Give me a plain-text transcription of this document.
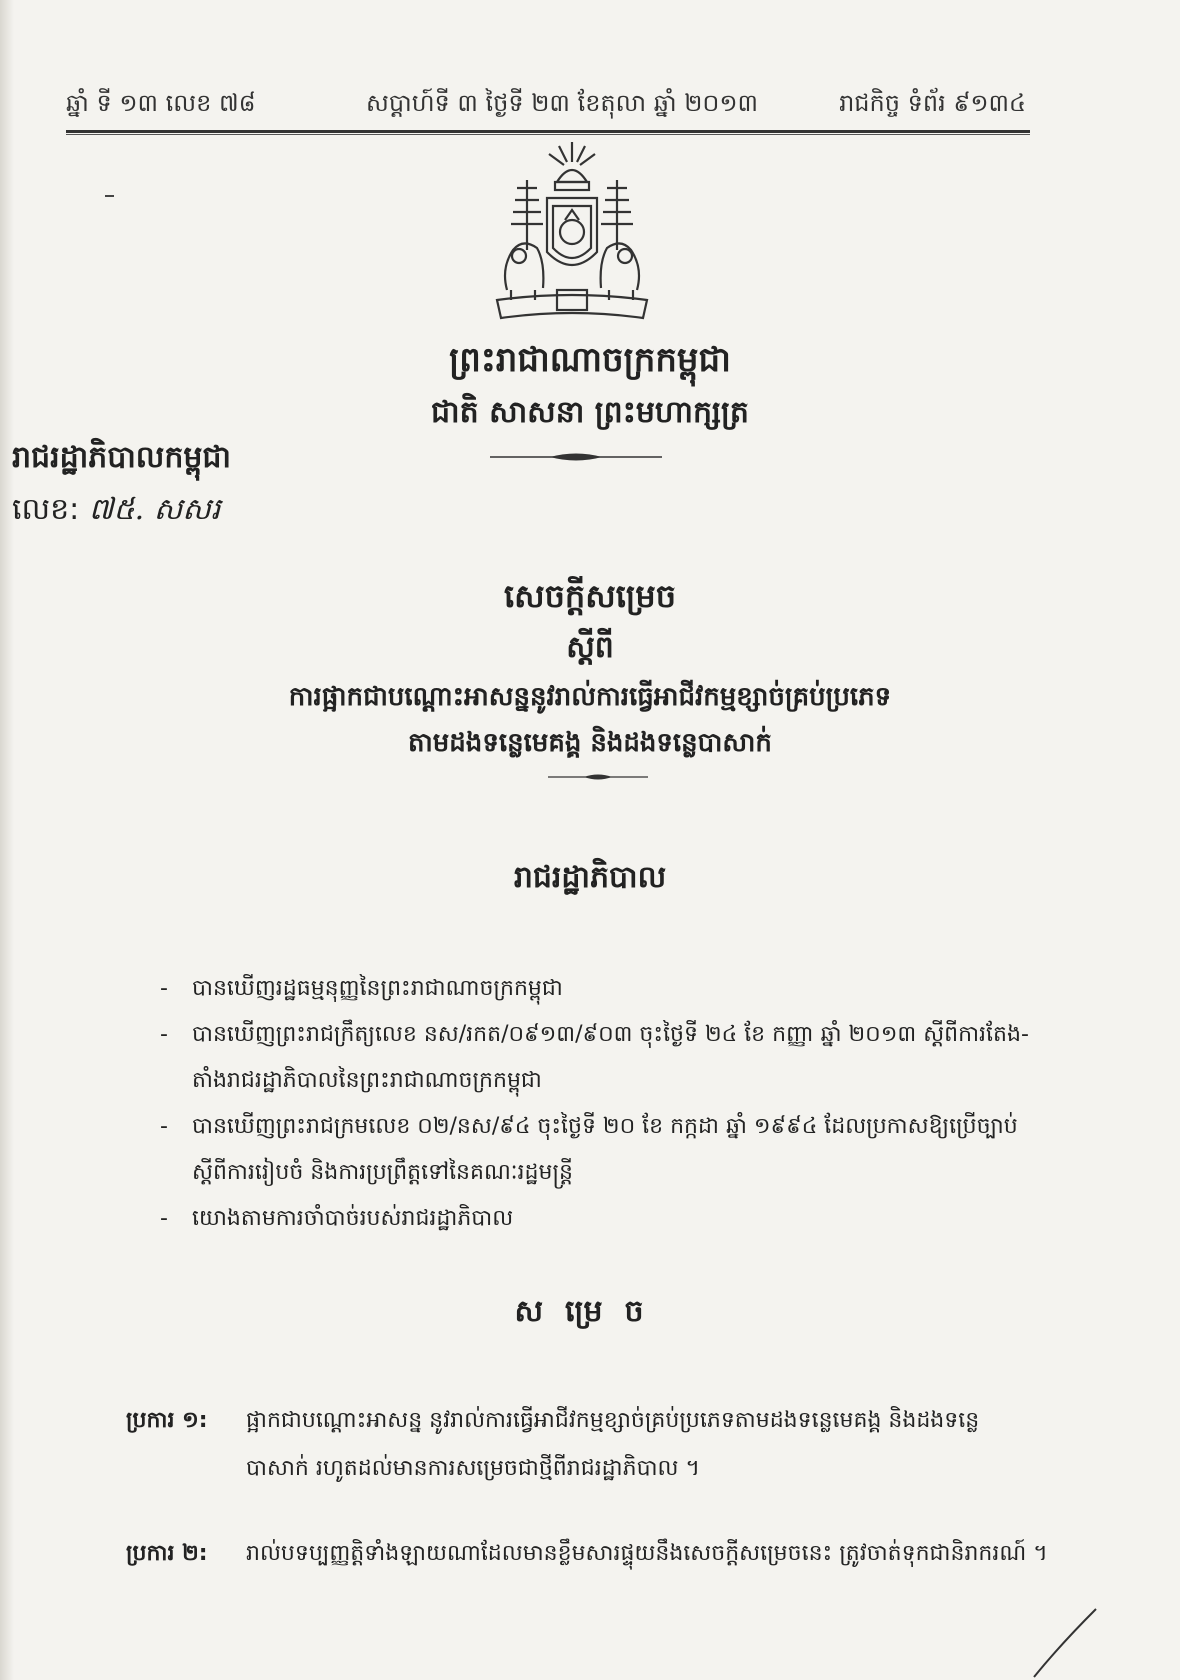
ឆ្នាំ ទី ១៣ លេខ ៧៨	សប្ដាហ៍ទី ៣ ថ្ងៃទី ២៣ ខែតុលា ឆ្នាំ ២០១៣	រាជកិច្ច ទំព័រ ៩១៣៤
ព្រះរាជាណាចក្រកម្ពុជា
ជាតិ សាសនា ព្រះមហាក្សត្រ
រាជរដ្ឋាភិបាលកម្ពុជា
លេខ: ៧៥. សសរ
សេចក្ដីសម្រេច
ស្ដីពី
ការផ្អាកជាបណ្ដោះអាសន្ននូវរាល់ការធ្វើអាជីវកម្មខ្សាច់គ្រប់ប្រភេទ
តាមដងទន្លេមេគង្គ និងដងទន្លេបាសាក់
រាជរដ្ឋាភិបាល
- បានឃើញរដ្ឋធម្មនុញ្ញនៃព្រះរាជាណាចក្រកម្ពុជា
- បានឃើញព្រះរាជក្រឹត្យលេខ នស/រកត/០៩១៣/៩០៣ ចុះថ្ងៃទី ២៤ ខែ កញ្ញា ឆ្នាំ ២០១៣ ស្ដីពីការតែង-
តាំងរាជរដ្ឋាភិបាលនៃព្រះរាជាណាចក្រកម្ពុជា
- បានឃើញព្រះរាជក្រមលេខ ០២/នស/៩៤ ចុះថ្ងៃទី ២០ ខែ កក្កដា ឆ្នាំ ១៩៩៤ ដែលប្រកាសឱ្យប្រើច្បាប់
ស្ដីពីការរៀបចំ និងការប្រព្រឹត្តទៅនៃគណៈរដ្ឋមន្ត្រី
- យោងតាមការចាំបាច់របស់រាជរដ្ឋាភិបាល
សម្រេច
ប្រការ ១: ផ្អាកជាបណ្ដោះអាសន្ន នូវរាល់ការធ្វើអាជីវកម្មខ្សាច់គ្រប់ប្រភេទតាមដងទន្លេមេគង្គ និងដងទន្លេ
បាសាក់ រហូតដល់មានការសម្រេចជាថ្មីពីរាជរដ្ឋាភិបាល ។
ប្រការ ២: រាល់បទប្បញ្ញត្តិទាំងឡាយណាដែលមានខ្លឹមសារផ្ទុយនឹងសេចក្ដីសម្រេចនេះ ត្រូវចាត់ទុកជានិរាករណ៍ ។
